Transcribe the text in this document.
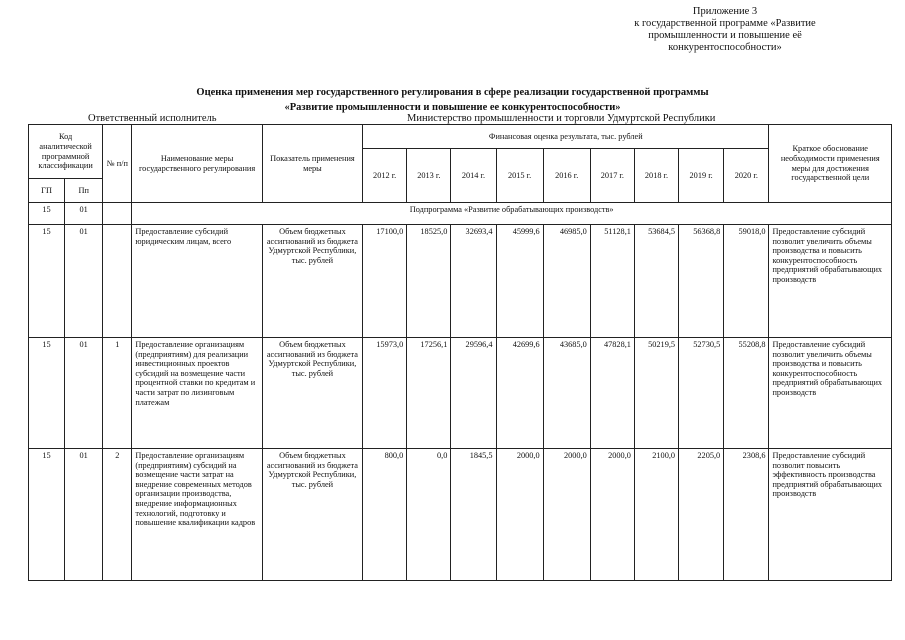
Приложение 3
к государственной программе «Развитие
промышленности и повышение её
конкурентоспособности»
Оценка применения мер государственного регулирования в сфере реализации государственной программы
«Развитие промышленности и повышение ее конкурентоспособности»
Ответственный исполнитель	Министерство промышленности и торговли Удмуртской Республики
Код аналитической программной классификации		№ п/п	Наименование меры государственного регулирования	Показатель применения меры	Финансовая оценка результата, тыс. рублей									Краткое обоснование необходимости применения меры для достижения государственной цели
					2012 г.	2013 г.	2014 г.	2015 г.	2016 г.	2017 г.	2018 г.	2019 г.	2020 г.	
ГП	Пп													
15	01		Подпрограмма «Развитие обрабатывающих производств»											
15	01		Предоставление субсидий юридическим лицам, всего	Объем бюджетных ассигнований из бюджета Удмуртской Республики, тыс. рублей	17100,0	18525,0	32693,4	45999,6	46985,0	51128,1	53684,5	56368,8	59018,0	Предоставление субсидий позволит увеличить объемы производства и повысить конкурентоспособность предприятий обрабатывающих производств
15	01	1	Предоставление организациям (предприятиям) для реализации инвестиционных проектов субсидий на возмещение части процентной ставки по кредитам и части затрат по лизинговым платежам	Объем бюджетных ассигнований из бюджета Удмуртской Республики, тыс. рублей	15973,0	17256,1	29596,4	42699,6	43685,0	47828,1	50219,5	52730,5	55208,8	Предоставление субсидий позволит увеличить объемы производства и повысить конкурентоспособность предприятий обрабатывающих производств
15	01	2	Предоставление организациям (предприятиям) субсидий на возмещение части затрат на внедрение современных методов организации производства, внедрение информационных технологий, подготовку и повышение квалификации кадров	Объем бюджетных ассигнований из бюджета Удмуртской Республики, тыс. рублей	800,0	0,0	1845,5	2000,0	2000,0	2000,0	2100,0	2205,0	2308,6	Предоставление субсидий позволит повысить эффективность производства предприятий обрабатывающих производств
